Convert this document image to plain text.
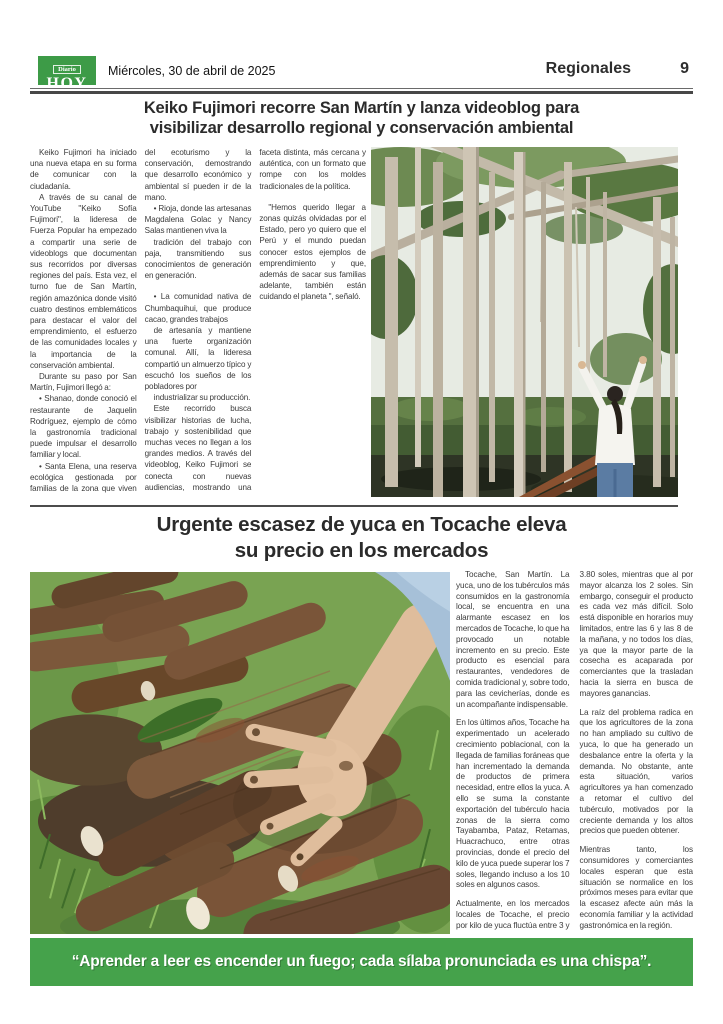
Diario
HOY
Miércoles, 30 de abril de 2025	Regionales	9
Keiko Fujimori recorre San Martín y lanza videoblog para
visibilizar desarrollo regional y conservación ambiental

Keiko Fujimori ha iniciado una nueva etapa en su forma de comunicar con la ciudadanía.

A través de su canal de YouTube "Keiko Sofía Fujimori", la lideresa de Fuerza Popular ha empezado a compartir una serie de videoblogs que documentan sus recorridos por diversas regiones del país. Esta vez, el turno fue de San Martín, región amazónica donde visitó cuatro destinos emblemáticos para destacar el valor del emprendimiento, el esfuerzo de las comunidades locales y la importancia de la conservación ambiental.

Durante su paso por San Martín, Fujimori llegó a:

• Shanao, donde conoció el restaurante de Jaquelin Rodríguez, ejemplo de cómo la gastronomía tradicional puede impulsar el desarrollo familiar y local.

• Santa Elena, una reserva ecológica gestionada por familias de la zona que viven del ecoturismo y la conservación, demostrando que desarrollo económico y ambiental sí pueden ir de la mano.

• Rioja, donde las artesanas Magdalena Golac y Nancy Salas mantienen viva la

tradición del trabajo con paja, transmitiendo sus conocimientos de generación en generación.

• La comunidad nativa de Chumbaquihui, que produce cacao, grandes trabajos

de artesanía y mantiene una fuerte organización comunal. Allí, la lideresa compartió un almuerzo típico y escuchó los sueños de los pobladores por

industrializar su producción.

Este recorrido busca visibilizar historias de lucha, trabajo y sostenibilidad que muchas veces no llegan a los grandes medios. A través del videoblog, Keiko Fujimori se conecta con nuevas audiencias, mostrando una faceta distinta, más cercana y auténtica, con un formato que rompe con los moldes tradicionales de la política.

"Hemos querido llegar a zonas quizás olvidadas por el Estado, pero yo quiero que el Perú y el mundo puedan conocer estos ejemplos de emprendimiento y que, además de sacar sus familias adelante, también están cuidando el planeta ", señaló.

Urgente escasez de yuca en Tocache eleva
su precio en los mercados

Tocache, San Martín. La yuca, uno de los tubérculos más consumidos en la gastronomía local, se encuentra en una alarmante escasez en los mercados de Tocache, lo que ha provocado un notable incremento en su precio. Este producto es esencial para restaurantes, vendedores de comida tradicional y, sobre todo, para las cevicherías, donde es un acompañante indispensable.

En los últimos años, Tocache ha experimentado un acelerado crecimiento poblacional, con la llegada de familias foráneas que han incrementado la demanda de productos de primera necesidad, entre ellos la yuca. A ello se suma la constante exportación del tubérculo hacia zonas de la sierra como Tayabamba, Pataz, Retamas, Huacrachuco, entre otras provincias, donde el precio del kilo de yuca puede superar los 7 soles, llegando incluso a los 10 soles en algunos casos.

Actualmente, en los mercados locales de Tocache, el precio por kilo de yuca fluctúa entre 3 y 3.80 soles, mientras que al por mayor alcanza los 2 soles. Sin embargo, conseguir el producto es cada vez más difícil. Solo está disponible en horarios muy limitados, entre las 6 y las 8 de la mañana, y no todos los días, ya que la mayor parte de la cosecha es acaparada por comerciantes que la trasladan hacia la sierra en busca de mayores ganancias.

La raíz del problema radica en que los agricultores de la zona no han ampliado su cultivo de yuca, lo que ha generado un desbalance entre la oferta y la demanda. No obstante, ante esta situación, varios agricultores ya han comenzado a retomar el cultivo del tubérculo, motivados por la creciente demanda y los altos precios que pueden obtener.

Mientras tanto, los consumidores y comerciantes locales esperan que esta situación se normalice en los próximos meses para evitar que la escasez afecte aún más la economía familiar y la actividad gastronómica en la región.

“Aprender a leer es encender un fuego; cada sílaba pronunciada es una chispa”.
